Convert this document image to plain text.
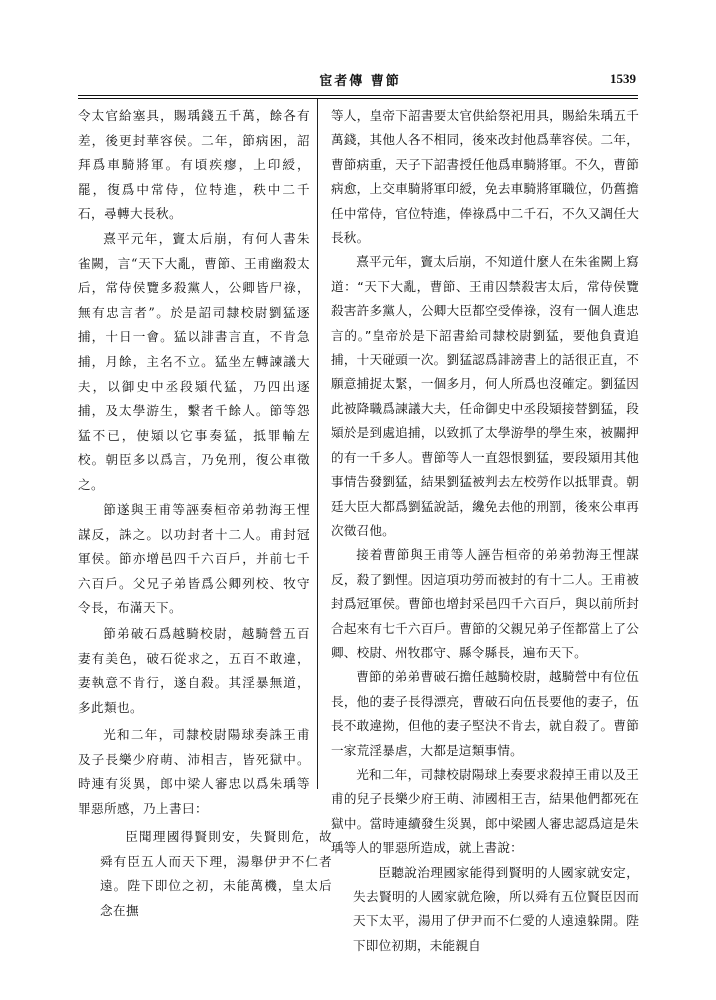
宦者傳 曹節	1539

令太官給塞具，賜瑀錢五千萬，餘各有差，後更封華容侯。二年，節病困，詔拜爲車騎將軍。有頃疾瘳，上印綬，罷，復爲中常侍，位特進，秩中二千石，尋轉大長秋。

熹平元年，竇太后崩，有何人書朱雀闕，言“天下大亂，曹節、王甫幽殺太后，常侍侯覽多殺黨人，公卿皆尸祿，無有忠言者”。於是詔司隸校尉劉猛逐捕，十日一會。猛以誹書言直，不肯急捕，月餘，主名不立。猛坐左轉諫議大夫，以御史中丞段熲代猛，乃四出逐捕，及太學游生，繫者千餘人。節等怨猛不已，使熲以它事奏猛，抵罪輸左校。朝臣多以爲言，乃免刑，復公車徵之。

節遂與王甫等誣奏桓帝弟勃海王悝謀反，誅之。以功封者十二人。甫封冠軍侯。節亦增邑四千六百戶，并前七千六百戶。父兄子弟皆爲公卿列校、牧守令長，布滿天下。

節弟破石爲越騎校尉，越騎營五百妻有美色，破石從求之，五百不敢違，妻執意不肯行，遂自殺。其淫暴無道，多此類也。

光和二年，司隸校尉陽球奏誅王甫及子長樂少府萌、沛相吉，皆死獄中。時連有災異，郎中梁人審忠以爲朱瑀等罪惡所感，乃上書曰：

臣聞理國得賢則安，失賢則危，故舜有臣五人而天下理，湯舉伊尹不仁者遠。陛下即位之初，未能萬機，皇太后念在撫

等人，皇帝下詔書要太官供給祭祀用具，賜給朱瑀五千萬錢，其他人各不相同，後來改封他爲華容侯。二年，曹節病重，天子下詔書授任他爲車騎將軍。不久，曹節病愈，上交車騎將軍印綬，免去車騎將軍職位，仍舊擔任中常侍，官位特進，俸祿爲中二千石，不久又調任大長秋。

熹平元年，竇太后崩，不知道什麼人在朱雀闕上寫道：“天下大亂，曹節、王甫囚禁殺害太后，常侍侯覽殺害許多黨人，公卿大臣都空受俸祿，沒有一個人進忠言的。”皇帝於是下詔書給司隸校尉劉猛，要他負責追捕，十天碰頭一次。劉猛認爲誹謗書上的話很正直，不願意捕捉太緊，一個多月，何人所爲也沒確定。劉猛因此被降職爲諫議大夫，任命御史中丞段熲接替劉猛，段熲於是到處追捕，以致抓了太學游學的學生來，被關押的有一千多人。曹節等人一直怨恨劉猛，要段熲用其他事情告發劉猛，結果劉猛被判去左校勞作以抵罪責。朝廷大臣大都爲劉猛說話，纔免去他的刑罰，後來公車再次徵召他。

接着曹節與王甫等人誣告桓帝的弟弟勃海王悝謀反，殺了劉悝。因這項功勞而被封的有十二人。王甫被封爲冠軍侯。曹節也增封采邑四千六百戶，與以前所封合起來有七千六百戶。曹節的父親兄弟子侄都當上了公卿、校尉、州牧郡守、縣令縣長，遍布天下。

曹節的弟弟曹破石擔任越騎校尉，越騎營中有位伍長，他的妻子長得漂亮，曹破石向伍長要他的妻子，伍長不敢違拗，但他的妻子堅決不肯去，就自殺了。曹節一家荒淫暴虐，大都是這類事情。

光和二年，司隸校尉陽球上奏要求殺掉王甫以及王甫的兒子長樂少府王萌、沛國相王吉，結果他們都死在獄中。當時連續發生災異，郎中梁國人審忠認爲這是朱瑀等人的罪惡所造成，就上書說：

臣聽說治理國家能得到賢明的人國家就安定，失去賢明的人國家就危險，所以舜有五位賢臣因而天下太平，湯用了伊尹而不仁愛的人遠遠躲開。陛下即位初期，未能親自
